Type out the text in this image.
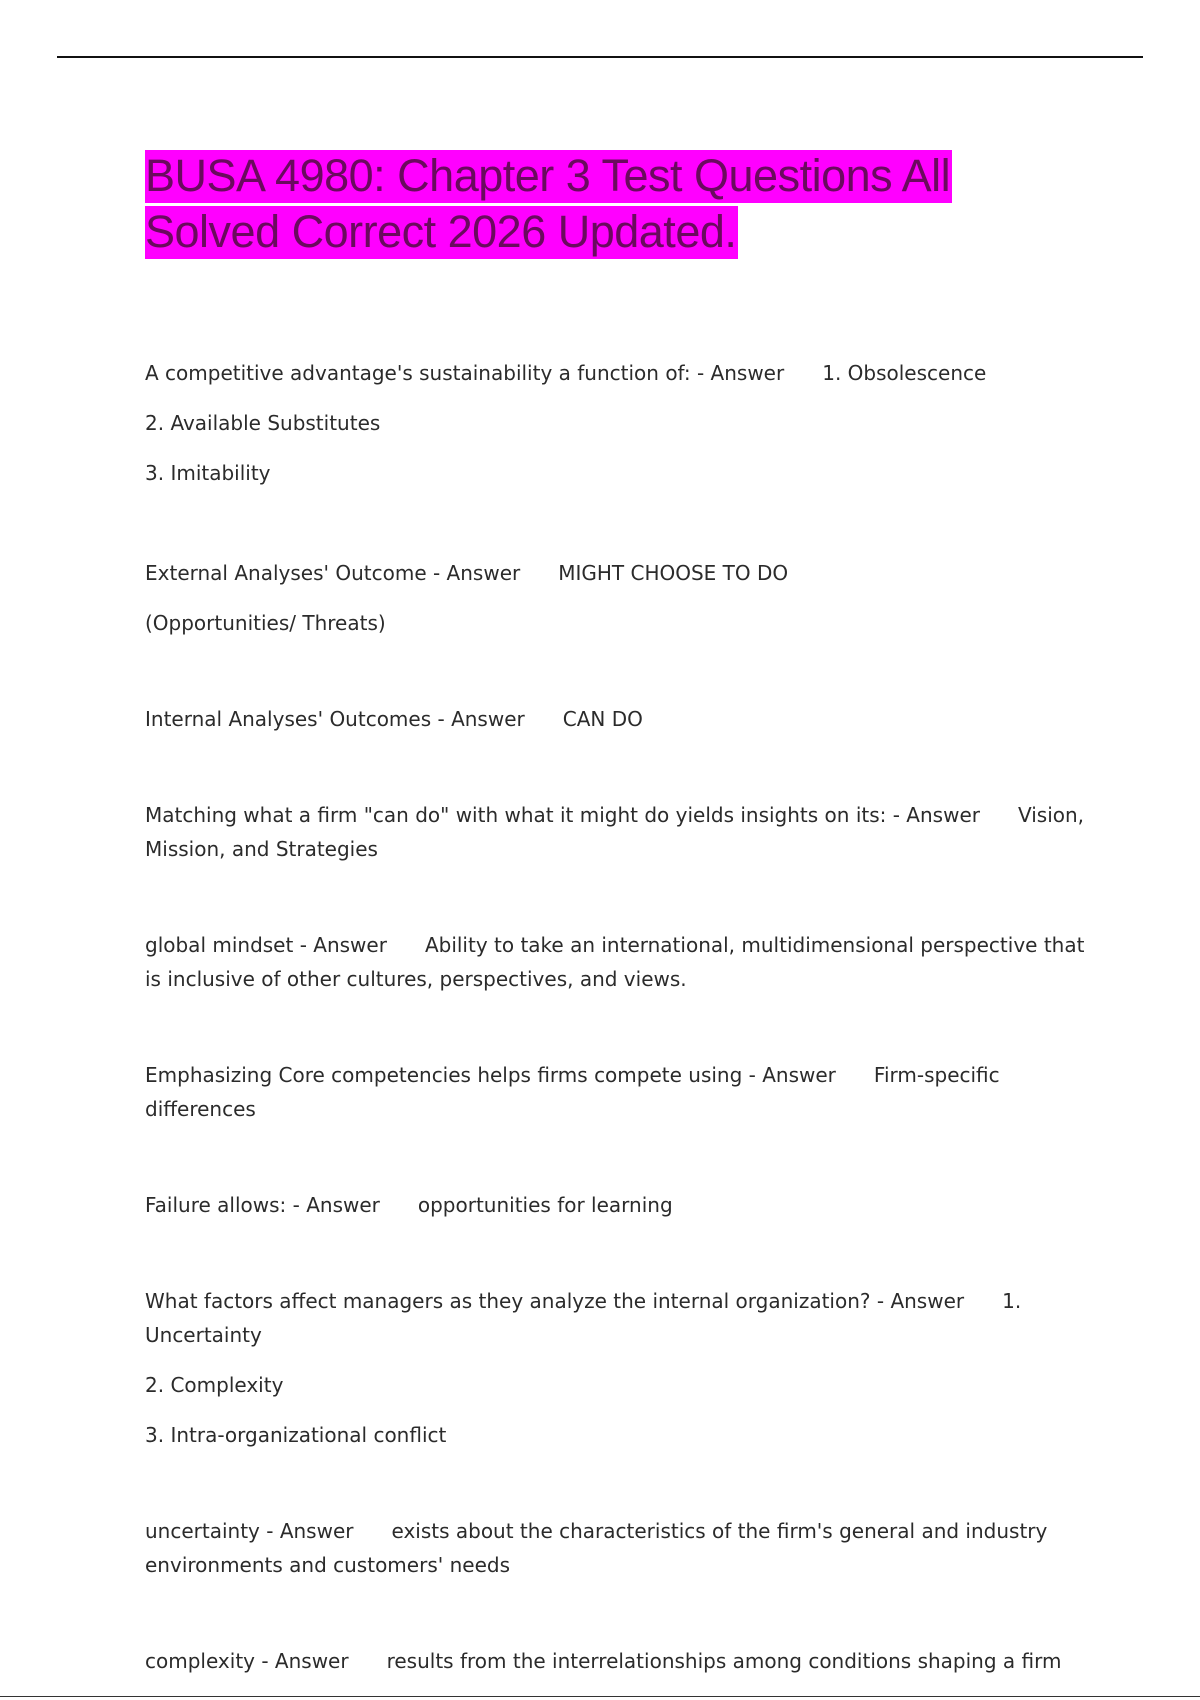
BUSA 4980: Chapter 3 Test Questions All
Solved Correct 2026 Updated.

A competitive advantage's sustainability a function of: - Answer 1. Obsolescence

2. Available Substitutes

3. Imitability

External Analyses' Outcome - Answer MIGHT CHOOSE TO DO

(Opportunities/ Threats)

Internal Analyses' Outcomes - Answer CAN DO

Matching what a firm "can do" with what it might do yields insights on its: - Answer Vision, Mission, and Strategies

global mindset - Answer Ability to take an international, multidimensional perspective that is inclusive of other cultures, perspectives, and views.

Emphasizing Core competencies helps firms compete using - Answer Firm-specific differences

Failure allows: - Answer opportunities for learning

What factors affect managers as they analyze the internal organization? - Answer 1. Uncertainty

2. Complexity

3. Intra-organizational conflict

uncertainty - Answer exists about the characteristics of the firm's general and industry environments and customers' needs

complexity - Answer results from the interrelationships among conditions shaping a firm
